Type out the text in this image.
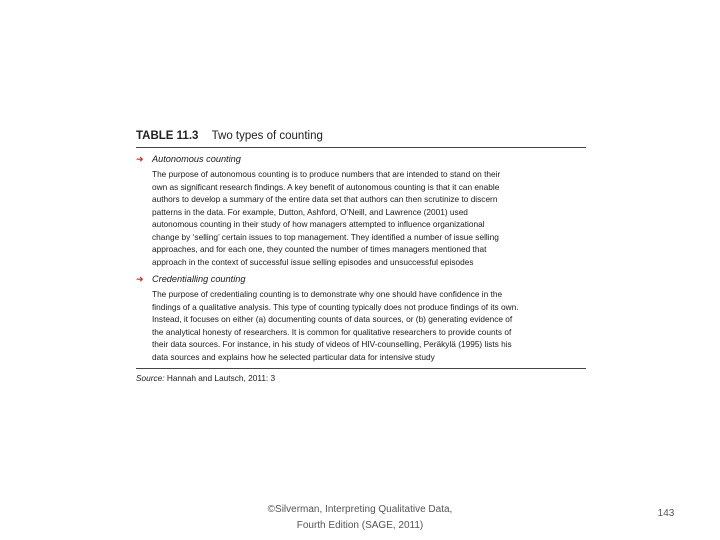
TABLE 11.3 Two types of counting
➜ Autonomous counting
The purpose of autonomous counting is to produce numbers that are intended to stand on their
own as significant research findings. A key benefit of autonomous counting is that it can enable
authors to develop a summary of the entire data set that authors can then scrutinize to discern
patterns in the data. For example, Dutton, Ashford, O’Neill, and Lawrence (2001) used
autonomous counting in their study of how managers attempted to influence organizational
change by ‘selling’ certain issues to top management. They identified a number of issue selling
approaches, and for each one, they counted the number of times managers mentioned that
approach in the context of successful issue selling episodes and unsuccessful episodes
➜ Credentialling counting
The purpose of credentialing counting is to demonstrate why one should have confidence in the
findings of a qualitative analysis. This type of counting typically does not produce findings of its own.
Instead, it focuses on either (a) documenting counts of data sources, or (b) generating evidence of
the analytical honesty of researchers. It is common for qualitative researchers to provide counts of
their data sources. For instance, in his study of videos of HIV-counselling, Peräkylä (1995) lists his
data sources and explains how he selected particular data for intensive study
Source: Hannah and Lautsch, 2011: 3
©Silverman, Interpreting Qualitative Data,
Fourth Edition (SAGE, 2011)
143
